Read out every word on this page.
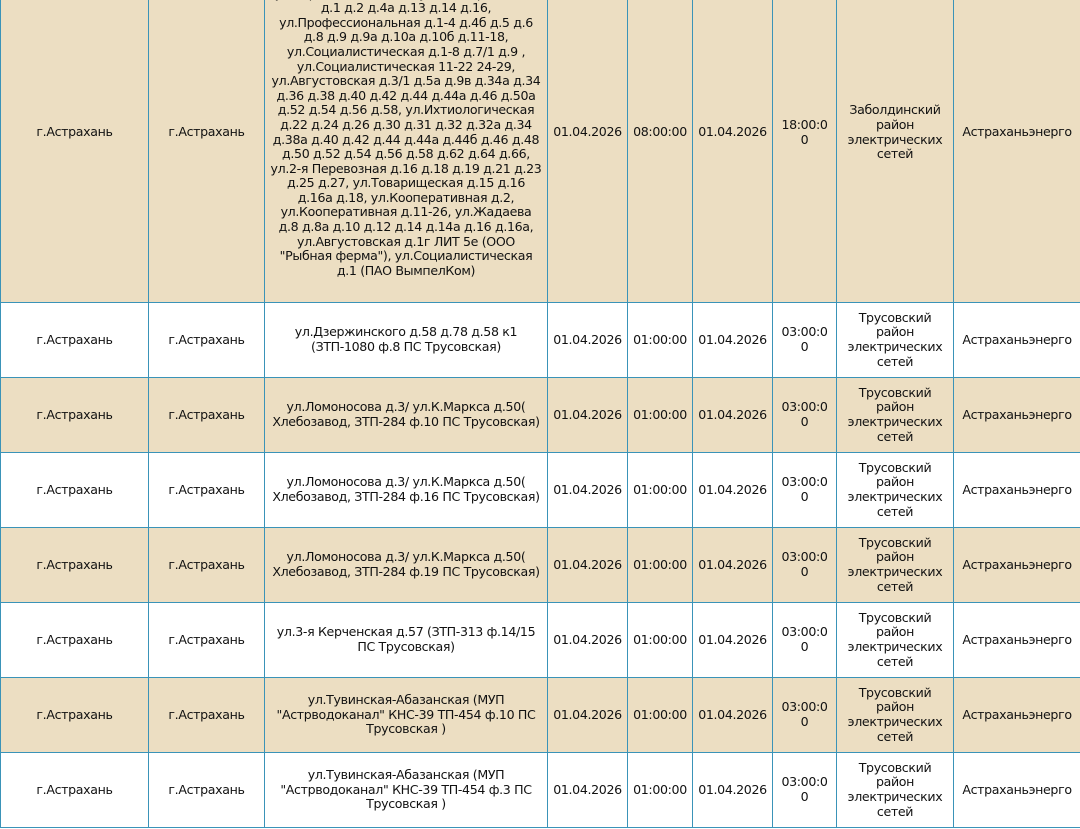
г.Астрахань	г.Астрахань	д.1 д.2 д.4а д.13 д.14 д.16, ул.Профессиональная д.1-4 д.4б д.5 д.6 д.8 д.9 д.9а д.10а д.10б д.11-18, ул.Социалистическая д.1-8 д.7/1 д.9 , ул.Социалистическая 11-22 24-29, ул.Августовская д.3/1 д.5а д.9в д.34а д.34 д.36 д.38 д.40 д.42 д.44 д.44а д.46 д.50а д.52 д.54 д.56 д.58, ул.Ихтиологическая д.22 д.24 д.26 д.30 д.31 д.32 д.32а д.34 д.38а д.40 д.42 д.44 д.44а д.44б д.46 д.48 д.50 д.52 д.54 д.56 д.58 д.62 д.64 д.66, ул.2-я Перевозная д.16 д.18 д.19 д.21 д.23 д.25 д.27, ул.Товарищеская д.15 д.16 д.16а д.18, ул.Кооперативная д.2, ул.Кооперативная д.11-26, ул.Жадаева д.8 д.8а д.10 д.12 д.14 д.14а д.16 д.16а, ул.Августовская д.1г ЛИТ 5е (ООО "Рыбная ферма"), ул.Социалистическая д.1 (ПАО ВымпелКом)	01.04.2026	08:00:00	01.04.2026	18:00:00	Заболдинский район электрических сетей	Астраханьэнерго
г.Астрахань	г.Астрахань	ул.Дзержинского д.58 д.78 д.58 к1 (ЗТП-1080 ф.8 ПС Трусовская)	01.04.2026	01:00:00	01.04.2026	03:00:00	Трусовский район электрических сетей	Астраханьэнерго
г.Астрахань	г.Астрахань	ул.Ломоносова д.3/ ул.К.Маркса д.50( Хлебозавод, ЗТП-284 ф.10 ПС Трусовская)	01.04.2026	01:00:00	01.04.2026	03:00:00	Трусовский район электрических сетей	Астраханьэнерго
г.Астрахань	г.Астрахань	ул.Ломоносова д.3/ ул.К.Маркса д.50( Хлебозавод, ЗТП-284 ф.16 ПС Трусовская)	01.04.2026	01:00:00	01.04.2026	03:00:00	Трусовский район электрических сетей	Астраханьэнерго
г.Астрахань	г.Астрахань	ул.Ломоносова д.3/ ул.К.Маркса д.50( Хлебозавод, ЗТП-284 ф.19 ПС Трусовская)	01.04.2026	01:00:00	01.04.2026	03:00:00	Трусовский район электрических сетей	Астраханьэнерго
г.Астрахань	г.Астрахань	ул.3-я Керченская д.57 (ЗТП-313 ф.14/15 ПС Трусовская)	01.04.2026	01:00:00	01.04.2026	03:00:00	Трусовский район электрических сетей	Астраханьэнерго
г.Астрахань	г.Астрахань	ул.Тувинская-Абазанская (МУП "Астрводоканал" КНС-39 ТП-454 ф.10 ПС Трусовская )	01.04.2026	01:00:00	01.04.2026	03:00:00	Трусовский район электрических сетей	Астраханьэнерго
г.Астрахань	г.Астрахань	ул.Тувинская-Абазанская (МУП "Астрводоканал" КНС-39 ТП-454 ф.3 ПС Трусовская )	01.04.2026	01:00:00	01.04.2026	03:00:00	Трусовский район электрических сетей	Астраханьэнерго
